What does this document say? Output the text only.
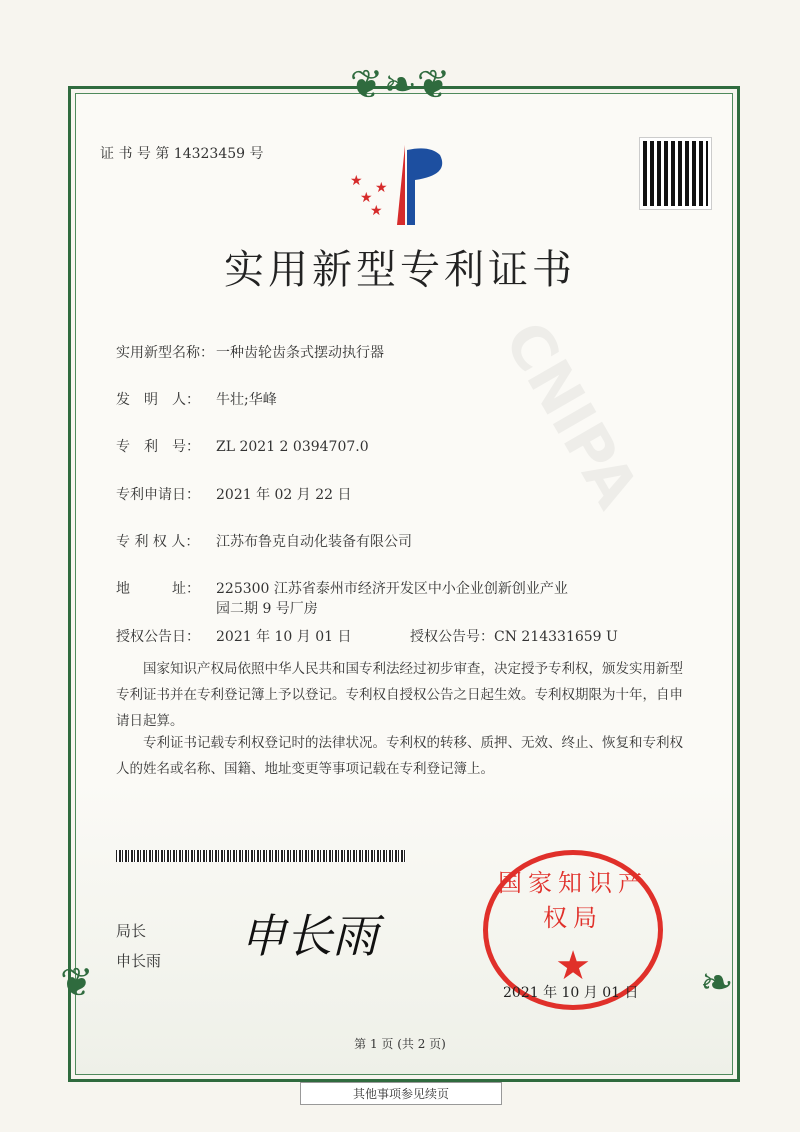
❦❧❦
❦	❧
CNIPA
证 书 号 第 14323459 号
★
★
★
★
实用新型专利证书
实用新型名称： 一种齿轮齿条式摆动执行器
发　明　人： 牛壮;华峰
专　利　号： ZL 2021 2 0394707.0
专利申请日： 2021 年 02 月 22 日
专 利 权 人： 江苏布鲁克自动化装备有限公司
地　　　址： 225300 江苏省泰州市经济开发区中小企业创新创业产业
园二期 9 号厂房
授权公告日： 2021 年 10 月 01 日	授权公告号：CN 214331659 U
国家知识产权局依照中华人民共和国专利法经过初步审查，决定授予专利权，颁发实用新型专利证书并在专利登记簿上予以登记。专利权自授权公告之日起生效。专利权期限为十年，自申请日起算。
专利证书记载专利权登记时的法律状况。专利权的转移、质押、无效、终止、恢复和专利权人的姓名或名称、国籍、地址变更等事项记载在专利登记簿上。
局长
申长雨 申长雨
国家知识产权局
★
2021 年 10 月 01 日
第 1 页 (共 2 页)
其他事项参见续页
